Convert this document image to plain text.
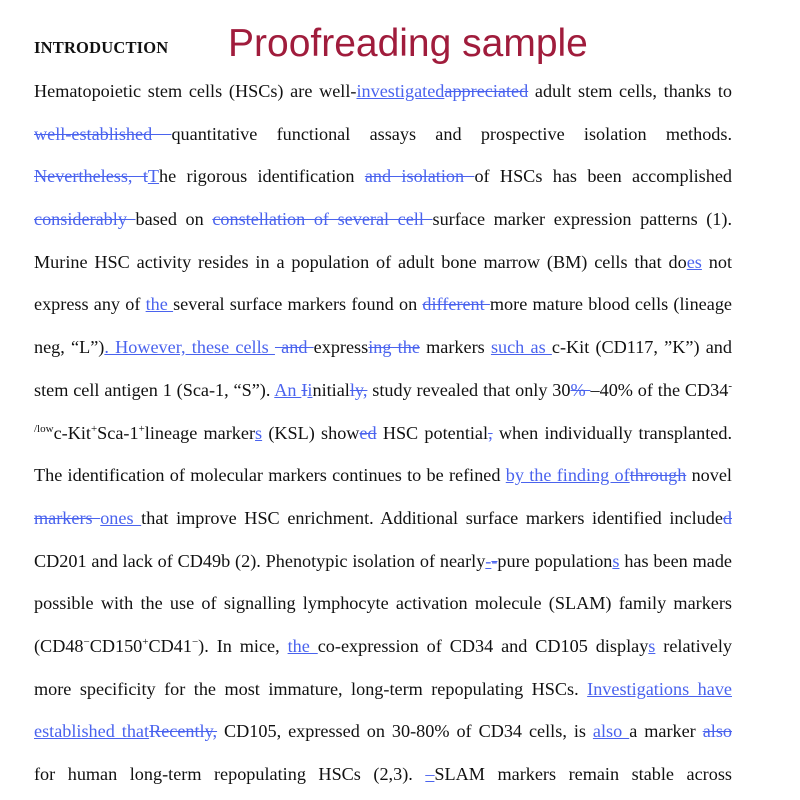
INTRODUCTION Proofreading sample
Hematopoietic stem cells (HSCs) are well-investigatedappreciated adult stem cells, thanks to
well-established quantitative functional assays and prospective isolation methods.
Nevertheless, tThe rigorous identification and isolation of HSCs has been accomplished
considerably based on constellation of several cell surface marker expression patterns (1).
Murine HSC activity resides in a population of adult bone marrow (BM) cells that does not
express any of the several surface markers found on different more mature blood cells (lineage
neg, “L”). However, these cells  and expressing the markers such as c-Kit (CD117, ”K”) and
stem cell antigen 1 (Sca-1, “S”). An Iinitially, study revealed that only 30% –40% of the CD34-
$^{/low}$c-Kit+Sca-1+lineage markers (KSL) showed HSC potential, when individually transplanted.
The identification of molecular markers continues to be refined by the finding ofthrough novel
markers ones that improve HSC enrichment. Additional surface markers identified included
CD201 and lack of CD49b (2). Phenotypic isolation of nearly--pure populations has been made
possible with the use of signalling lymphocyte activation molecule (SLAM) family markers
(CD48−CD150+CD41−). In mice, the co-expression of CD34 and CD105 displays relatively
more specificity for the most immature, long-term repopulating HSCs. Investigations have
established thatRecently, CD105, expressed on 30-80% of CD34 cells, is also a marker also
for human long-term repopulating HSCs (2,3). –SLAM markers remain stable across
